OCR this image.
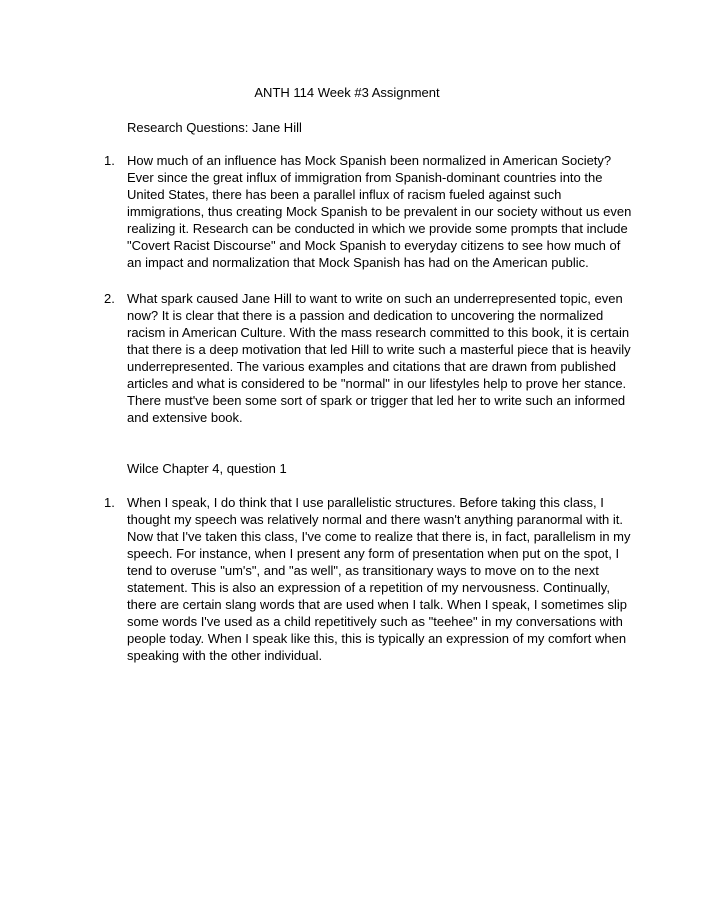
ANTH 114 Week #3 Assignment
Research Questions: Jane Hill
1. How much of an influence has Mock Spanish been normalized in American Society? Ever since the great influx of immigration from Spanish-dominant countries into the United States, there has been a parallel influx of racism fueled against such immigrations, thus creating Mock Spanish to be prevalent in our society without us even realizing it. Research can be conducted in which we provide some prompts that include "Covert Racist Discourse" and Mock Spanish to everyday citizens to see how much of an impact and normalization that Mock Spanish has had on the American public.
2. What spark caused Jane Hill to want to write on such an underrepresented topic, even now? It is clear that there is a passion and dedication to uncovering the normalized racism in American Culture. With the mass research committed to this book, it is certain that there is a deep motivation that led Hill to write such a masterful piece that is heavily underrepresented. The various examples and citations that are drawn from published articles and what is considered to be "normal" in our lifestyles help to prove her stance. There must've been some sort of spark or trigger that led her to write such an informed and extensive book.
Wilce Chapter 4, question 1
1. When I speak, I do think that I use parallelistic structures. Before taking this class, I thought my speech was relatively normal and there wasn't anything paranormal with it. Now that I've taken this class, I've come to realize that there is, in fact, parallelism in my speech. For instance, when I present any form of presentation when put on the spot, I tend to overuse "um's", and "as well", as transitionary ways to move on to the next statement. This is also an expression of a repetition of my nervousness. Continually, there are certain slang words that are used when I talk. When I speak, I sometimes slip some words I've used as a child repetitively such as "teehee" in my conversations with people today. When I speak like this, this is typically an expression of my comfort when speaking with the other individual.
